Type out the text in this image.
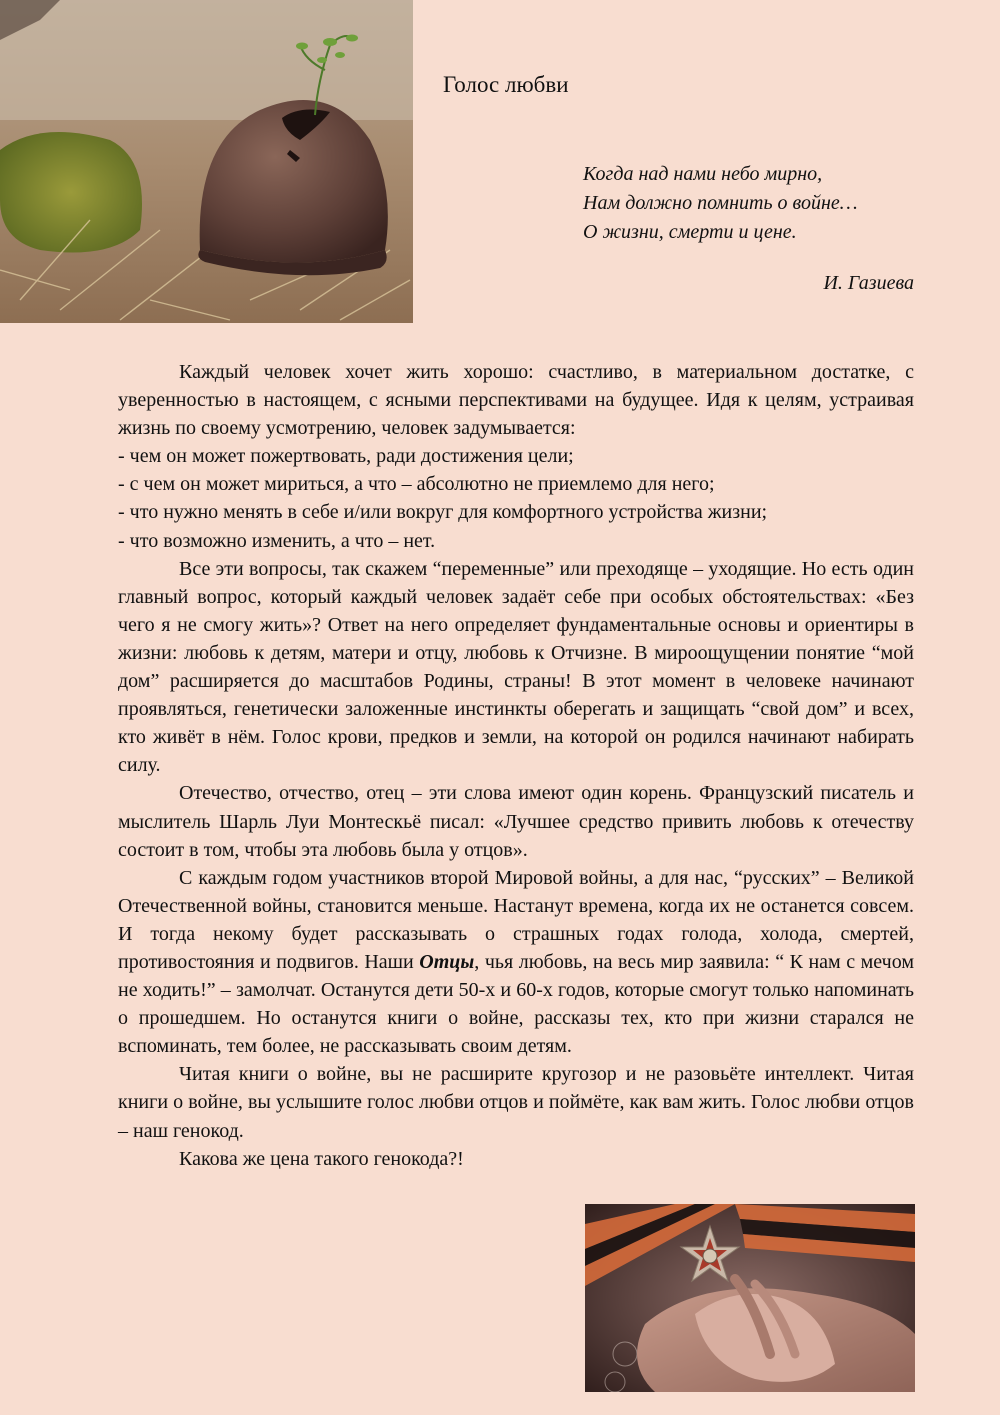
Голос любви
Когда над нами небо мирно,
Нам должно помнить о войне…
О жизни, смерти и цене.
И. Газиева
Каждый человек хочет жить хорошо: счастливо, в материальном достатке, с уверенностью в настоящем, с ясными перспективами на будущее. Идя к целям, устраивая жизнь по своему усмотрению, человек задумывается:
- чем он может пожертвовать, ради достижения цели;
- с чем он может мириться, а что – абсолютно не приемлемо для него;
- что нужно менять в себе и/или вокруг для комфортного устройства жизни;
- что возможно изменить, а что – нет.
Все эти вопросы, так скажем “переменные” или преходяще – уходящие. Но есть один главный вопрос, который каждый человек задаёт себе при особых обстоятельствах: «Без чего я не смогу жить»? Ответ на него определяет фундаментальные основы и ориентиры в жизни: любовь к детям, матери и отцу, любовь к Отчизне. В мироощущении понятие “мой дом” расширяется до масштабов Родины, страны! В этот момент в человеке начинают проявляться, генетически заложенные инстинкты оберегать и защищать “свой дом” и всех, кто живёт в нём. Голос крови, предков и земли, на которой он родился начинают набирать силу.
Отечество, отчество, отец – эти слова имеют один корень. Французский писатель и мыслитель Шарль Луи Монтескьё писал: «Лучшее средство привить любовь к отечеству состоит в том, чтобы эта любовь была у отцов».
С каждым годом участников второй Мировой войны, а для нас, “русских” – Великой Отечественной войны, становится меньше. Настанут времена, когда их не останется совсем. И тогда некому будет рассказывать о страшных годах голода, холода, смертей, противостояния и подвигов. Наши Отцы, чья любовь, на весь мир заявила: “ К нам с мечом не ходить!” – замолчат. Останутся дети 50-х и 60-х годов, которые смогут только напоминать о прошедшем. Но останутся книги о войне, рассказы тех, кто при жизни старался не вспоминать, тем более, не рассказывать своим детям.
Читая книги о войне, вы не расширите кругозор и не разовьёте интеллект. Читая книги о войне, вы услышите голос любви отцов и поймёте, как вам жить. Голос любви отцов – наш генокод.
Какова же цена такого генокода?!
